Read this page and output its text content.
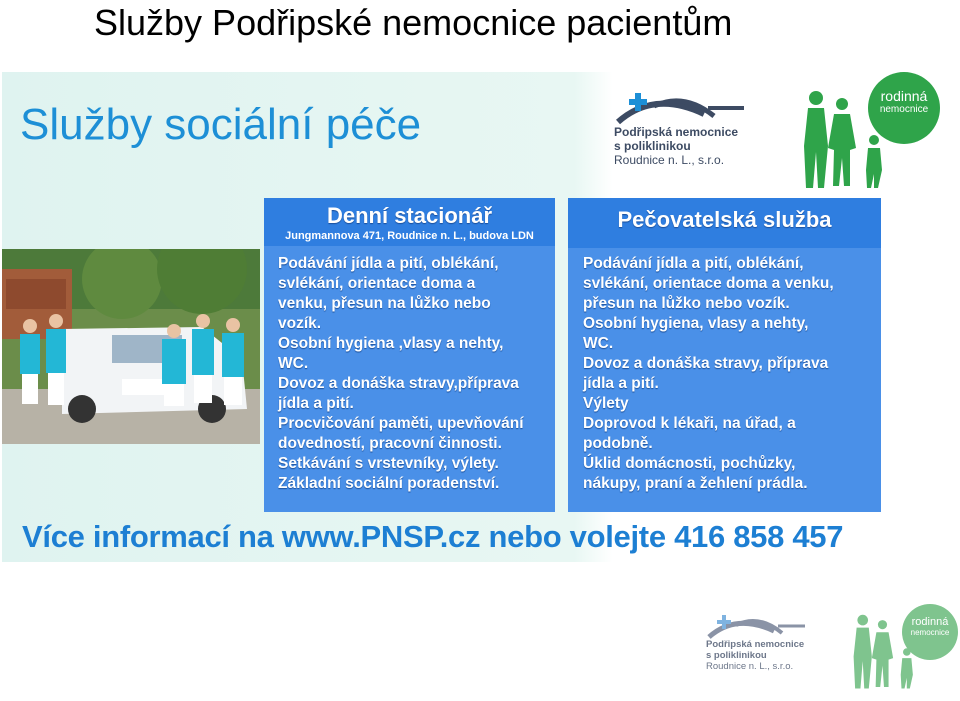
Služby Podřipské nemocnice pacientům
Služby sociální péče	Podřipská nemocnice
s poliklinikou
Roudnice n. L., s.r.o.
rodinná
nemocnice
Denní stacionář
Jungmannova 471, Roudnice n. L., budova LDN
Podávání jídla a pití, oblékání,
svlékání, orientace doma a
venku, přesun na lůžko nebo
vozík.
Osobní hygiena ,vlasy a nehty,
WC.
Dovoz a donáška stravy,příprava
jídla a pití.
Procvičování paměti, upevňování
dovedností, pracovní činnosti.
Setkávání s vrstevníky, výlety.
Základní sociální poradenství.
Pečovatelská služba
Podávání jídla a pití, oblékání,
svlékání, orientace doma a venku,
přesun na lůžko nebo vozík.
Osobní hygiena, vlasy a nehty,
WC.
Dovoz a donáška stravy, příprava
jídla a pití.
Výlety
Doprovod k lékaři, na úřad, a
podobně.
Úklid domácnosti, pochůzky,
nákupy, praní a žehlení prádla.
Více informací na www.PNSP.cz nebo volejte 416 858 457
Podřipská nemocnice
s poliklinikou
Roudnice n. L., s.r.o.
rodinná
nemocnice
